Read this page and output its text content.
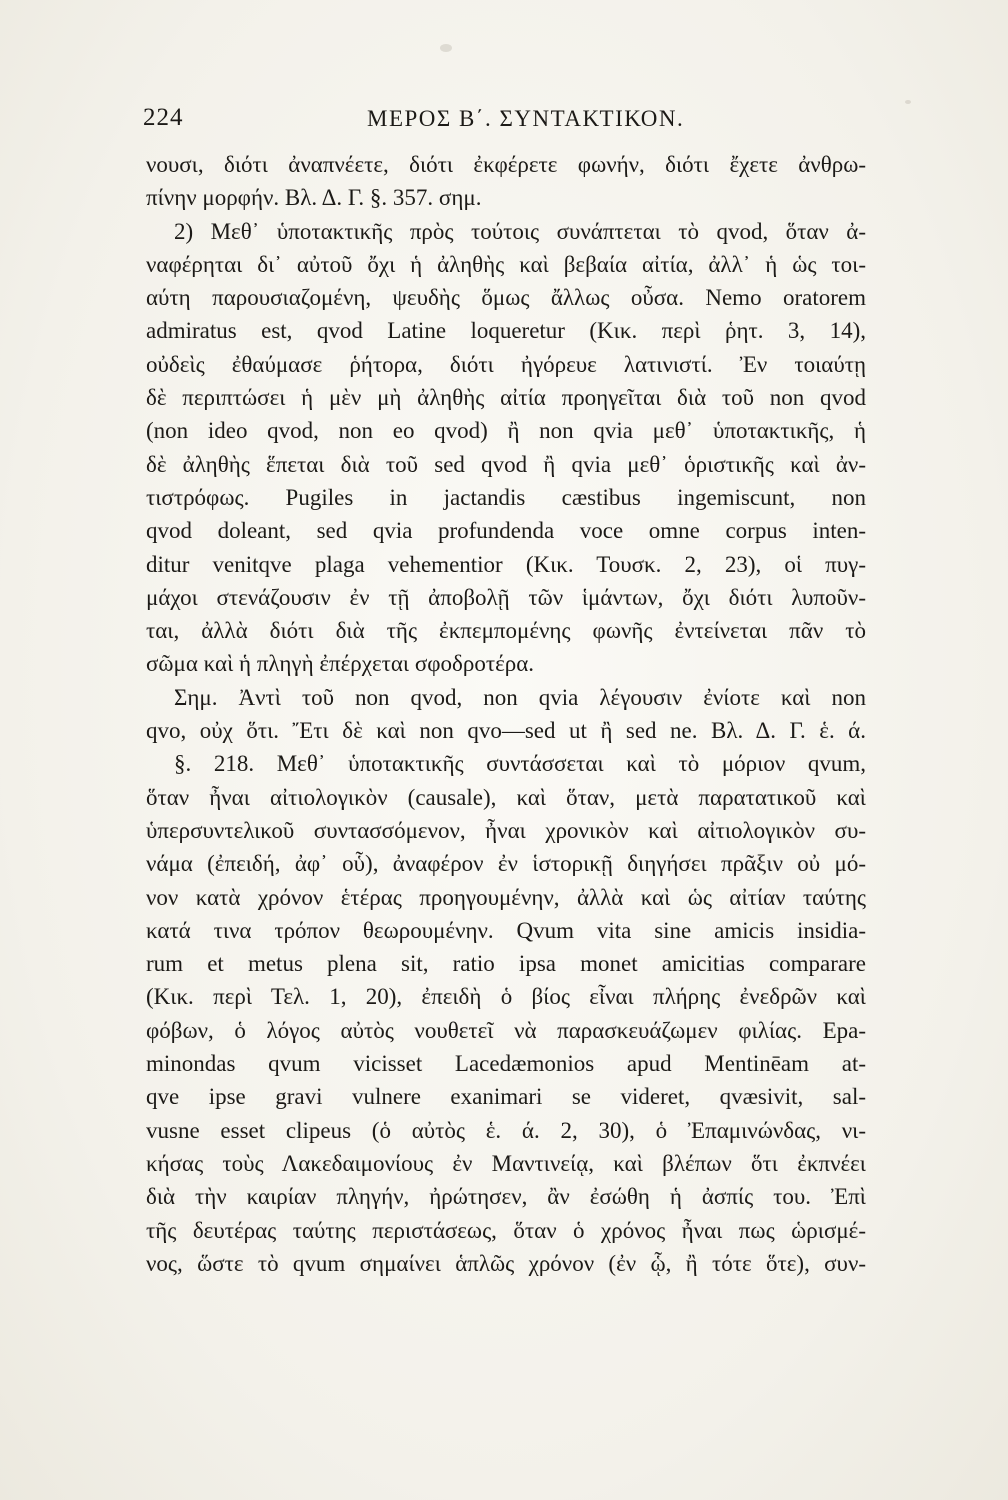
224	ΜΕΡΟΣ Β΄. ΣΥΝΤΑΚΤΙΚΟΝ.
νουσι, διότι ἀναπνέετε, διότι ἐκφέρετε φωνήν, διότι ἔχετε ἀνθρω-
πίνην μορφήν. Βλ. Δ. Γ. §. 357. σημ.
2) Μεθ᾽ ὑποτακτικῆς πρὸς τούτοις συνάπτεται τὸ qvod, ὅταν ἀ-
ναφέρηται δι᾽ αὐτοῦ ὄχι ἡ ἀληθὴς καὶ βεβαία αἰτία, ἀλλ᾽ ἡ ὡς τοι-
αύτη παρουσιαζομένη, ψευδὴς ὅμως ἄλλως οὖσα. Nemo oratorem
admiratus est, qvod Latine loqueretur (Κικ. περὶ ῥητ. 3, 14),
οὐδεὶς ἐθαύμασε ῥήτορα, διότι ἠγόρευε λατινιστί. Ἐν τοιαύτῃ
δὲ περιπτώσει ἡ μὲν μὴ ἀληθὴς αἰτία προηγεῖται διὰ τοῦ non qvod
(non ideo qvod, non eo qvod) ἢ non qvia μεθ᾽ ὑποτακτικῆς, ἡ
δὲ ἀληθὴς ἕπεται διὰ τοῦ sed qvod ἢ qvia μεθ᾽ ὁριστικῆς καὶ ἀν-
τιστρόφως. Pugiles in jactandis cæstibus ingemiscunt, non
qvod doleant, sed qvia profundenda voce omne corpus inten-
ditur venitqve plaga vehementior (Κικ. Τουσκ. 2, 23), οἱ πυγ-
μάχοι στενάζουσιν ἐν τῇ ἀποβολῇ τῶν ἱμάντων, ὄχι διότι λυποῦν-
ται, ἀλλὰ διότι διὰ τῆς ἐκπεμπομένης φωνῆς ἐντείνεται πᾶν τὸ
σῶμα καὶ ἡ πληγὴ ἐπέρχεται σφοδροτέρα.
Σημ. Ἀντὶ τοῦ non qvod, non qvia λέγουσιν ἐνίοτε καὶ non
qvo, οὐχ ὅτι. Ἔτι δὲ καὶ non qvo—sed ut ἢ sed ne. Βλ. Δ. Γ. ἑ. ά.
§. 218. Μεθ᾽ ὑποτακτικῆς συντάσσεται καὶ τὸ μόριον qvum,
ὅταν ἦναι αἰτιολογικὸν (causale), καὶ ὅταν, μετὰ παρατατικοῦ καὶ
ὑπερσυντελικοῦ συντασσόμενον, ἦναι χρονικὸν καὶ αἰτιολογικὸν συ-
νάμα (ἐπειδή, ἀφ᾽ οὗ), ἀναφέρον ἐν ἱστορικῇ διηγήσει πρᾶξιν οὐ μό-
νον κατὰ χρόνον ἑτέρας προηγουμένην, ἀλλὰ καὶ ὡς αἰτίαν ταύτης
κατά τινα τρόπον θεωρουμένην. Qvum vita sine amicis insidia-
rum et metus plena sit, ratio ipsa monet amicitias comparare
(Κικ. περὶ Τελ. 1, 20), ἐπειδὴ ὁ βίος εἶναι πλήρης ἐνεδρῶν καὶ
φόβων, ὁ λόγος αὐτὸς νουθετεῖ νὰ παρασκευάζωμεν φιλίας. Epa-
minondas qvum vicisset Lacedæmonios apud Mentinēam at-
qve ipse gravi vulnere exanimari se videret, qvæsivit, sal-
vusne esset clipeus (ὁ αὐτὸς ἑ. ά. 2, 30), ὁ Ἐπαμινώνδας, νι-
κήσας τοὺς Λακεδαιμονίους ἐν Μαντινείᾳ, καὶ βλέπων ὅτι ἐκπνέει
διὰ τὴν καιρίαν πληγήν, ἠρώτησεν, ἂν ἐσώθη ἡ ἀσπίς του. Ἐπὶ
τῆς δευτέρας ταύτης περιστάσεως, ὅταν ὁ χρόνος ἦναι πως ὡρισμέ-
νος, ὥστε τὸ qvum σημαίνει ἁπλῶς χρόνον (ἐν ᾧ, ἢ τότε ὅτε), συν-
